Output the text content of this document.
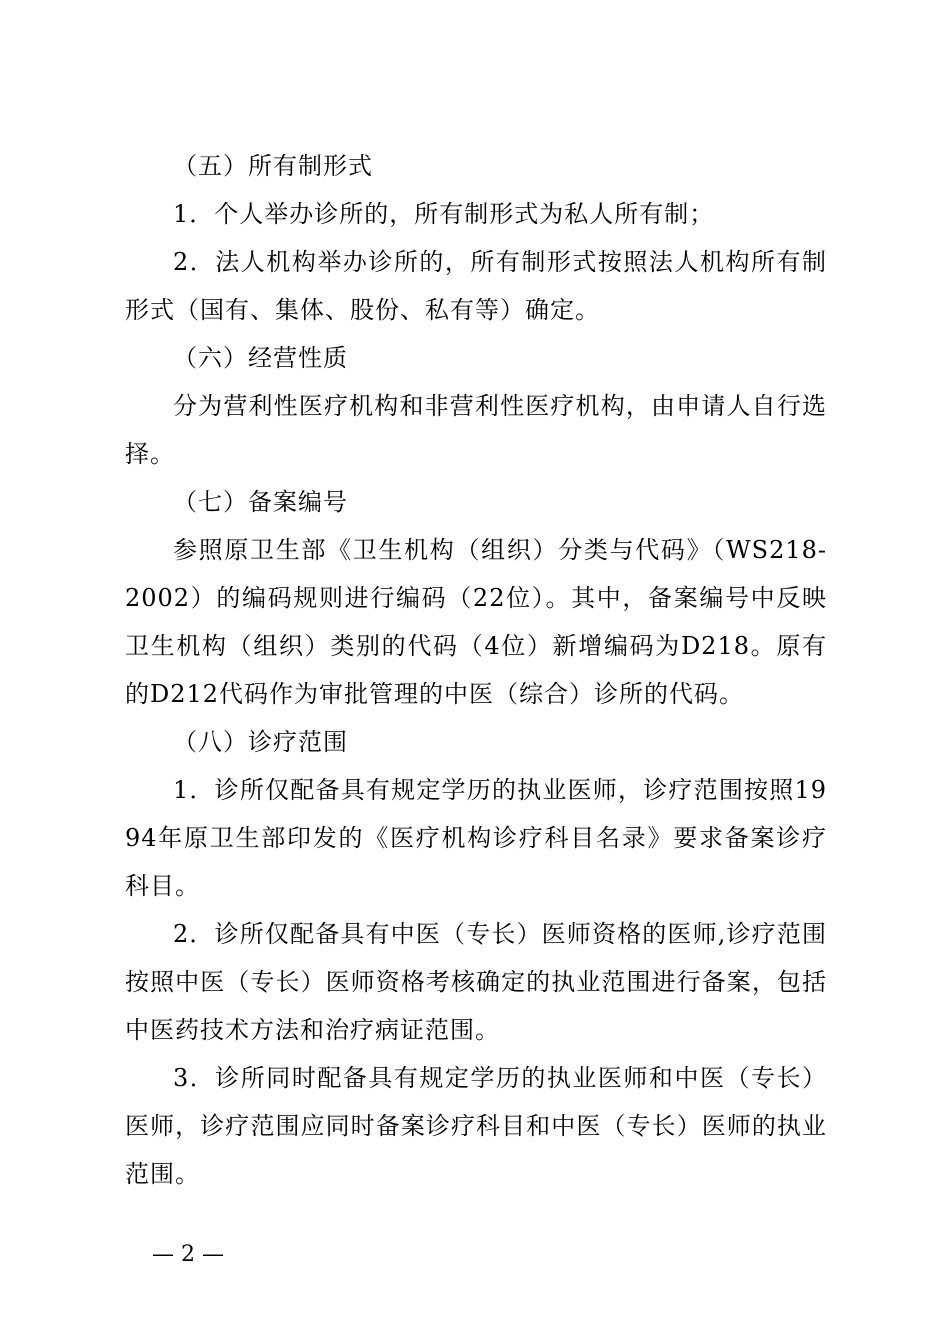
（五）所有制形式

1．个人举办诊所的，所有制形式为私人所有制；

2．法人机构举办诊所的，所有制形式按照法人机构所有制形式（国有、集体、股份、私有等）确定。

（六）经营性质

分为营利性医疗机构和非营利性医疗机构，由申请人自行选择。

（七）备案编号

参照原卫生部《卫生机构（组织）分类与代码》（WS218-2002）的编码规则进行编码（22位）。其中，备案编号中反映卫生机构（组织）类别的代码（4位）新增编码为D218。原有的D212代码作为审批管理的中医（综合）诊所的代码。

（八）诊疗范围

1．诊所仅配备具有规定学历的执业医师，诊疗范围按照1994年原卫生部印发的《医疗机构诊疗科目名录》要求备案诊疗科目。

2．诊所仅配备具有中医（专长）医师资格的医师,诊疗范围按照中医（专长）医师资格考核确定的执业范围进行备案，包括中医药技术方法和治疗病证范围。

3．诊所同时配备具有规定学历的执业医师和中医（专长）医师，诊疗范围应同时备案诊疗科目和中医（专长）医师的执业范围。

— 2 —
